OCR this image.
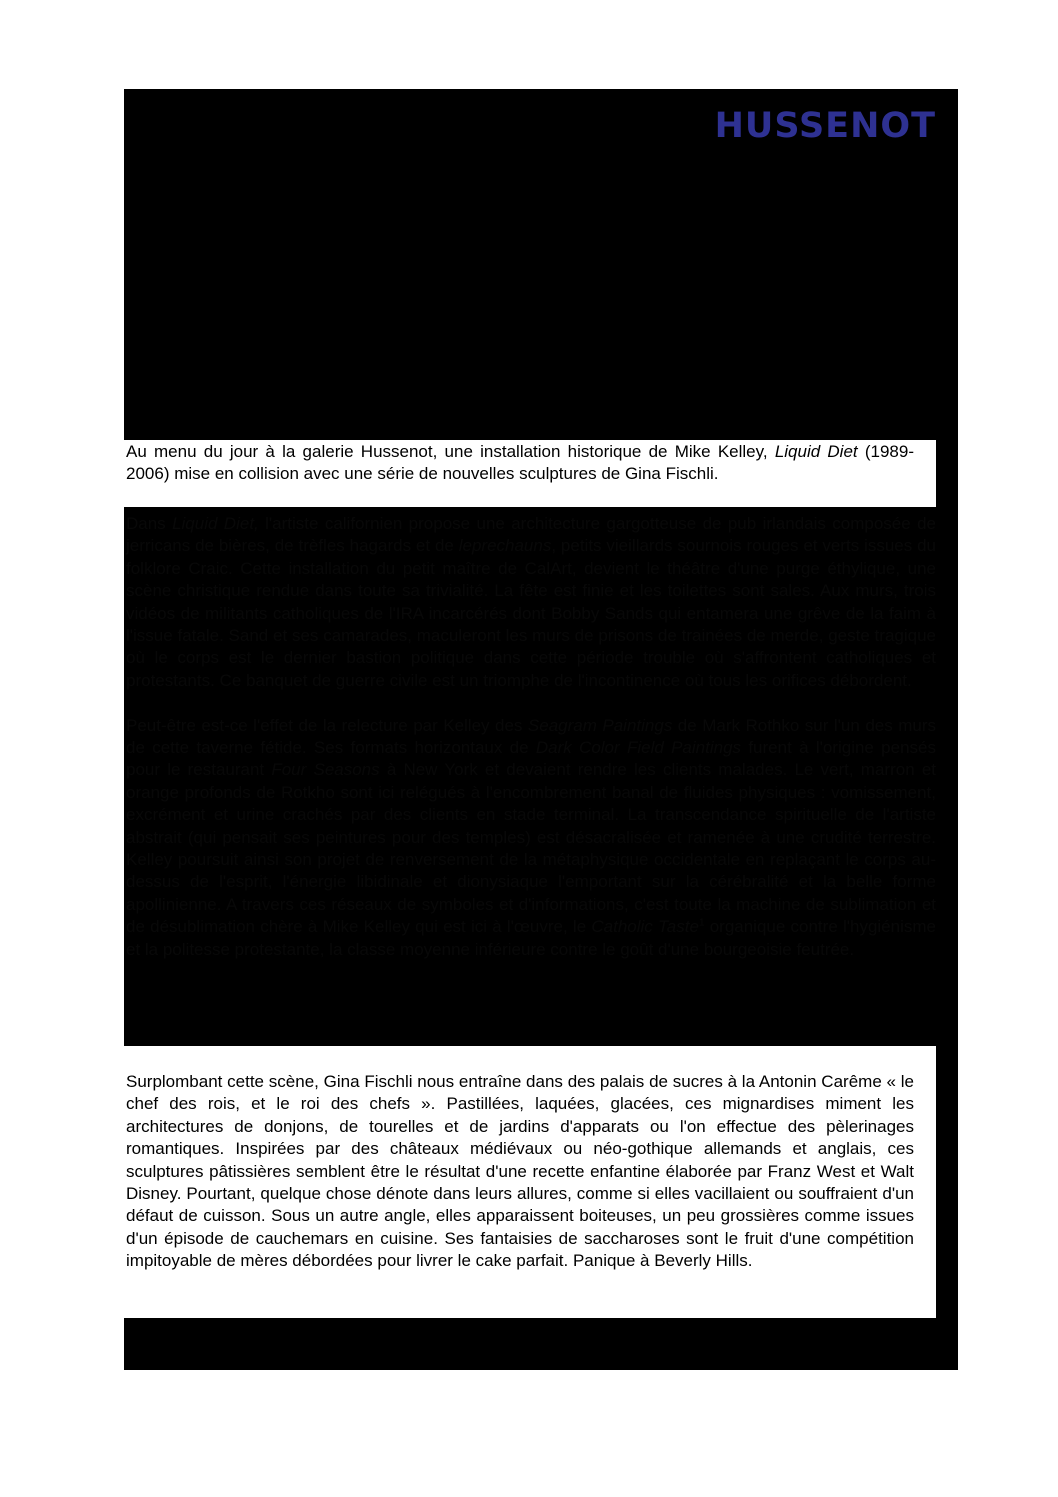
HUSSENOT

Au menu du jour à la galerie Hussenot, une installation historique de Mike Kelley, Liquid Diet (1989-2006) mise en collision avec une série de nouvelles sculptures de Gina Fischli.

Dans Liquid Diet, l'artiste californien propose une architecture gargotteuse de pub irlandais composée de jerricans de bières, de trèfles hagards et de leprechauns, petits vieillards sournois rouges et verts issues du folklore Craic. Cette installation du petit maître de CalArt, devient le théâtre d'une purge éthylique, une scène christique rendue dans toute sa trivialité. La fête est finie et les toilettes sont sales. Aux murs, trois vidéos de militants catholiques de l'IRA incarcérés dont Bobby Sands qui entamera une grêve de la faim à l'issue fatale. Sand et ses camarades, maculeront les murs de prisons de trainées de merde, geste tragique où le corps est le dernier bastion politique dans cette période trouble où s'affrontent catholiques et protestants. Ce banquet de guerre civile est un triomphe de l'incontinence où tous les orifices débordent.

Peut-être est-ce l'effet de la relecture par Kelley des Seagram Paintings de Mark Rothko sur l'un des murs de cette taverne fétide. Ses formats horizontaux de Dark Color Field Paintings furent à l'origine pensés pour le restaurant Four Seasons à New York et devaient rendre les clients malades. Le vert, marron et orange profonds de Rotkho sont ici relégués à l'encombrement banal de fluides physiques : vomissement, excrément et urine crachés par des clients en stade terminal. La transcendance spirituelle de l'artiste abstrait (qui pensait ses peintures pour des temples) est désacralisée et ramenée à une crudité terrestre. Kelley poursuit ainsi son projet de renversement de la métaphysique occidentale en replaçant le corps au-dessus de l'esprit, l'énergie libidinale et dionysiaque l'emportant sur la cérébralité et la belle forme apollinienne. A travers ces réseaux de symboles et d'informations, c'est toute la machine de sublimation et de désublimation chère à Mike Kelley qui est ici à l'œuvre, le Catholic Taste$^1$ organique contre l'hygiénisme et la politesse protestante, la classe moyenne inférieure contre le goût d'une bourgeoisie feutrée.

Surplombant cette scène, Gina Fischli nous entraîne dans des palais de sucres à la Antonin Carême « le chef des rois, et le roi des chefs ». Pastillées, laquées, glacées, ces mignardises miment les architectures de donjons, de tourelles et de jardins d'apparats ou l'on effectue des pèlerinages romantiques. Inspirées par des châteaux médiévaux ou néo-gothique allemands et anglais, ces sculptures pâtissières semblent être le résultat d'une recette enfantine élaborée par Franz West et Walt Disney. Pourtant, quelque chose dénote dans leurs allures, comme si elles vacillaient ou souffraient d'un défaut de cuisson. Sous un autre angle, elles apparaissent boiteuses, un peu grossières comme issues d'un épisode de cauchemars en cuisine. Ses fantaisies de saccharoses sont le fruit d'une compétition impitoyable de mères débordées pour livrer le cake parfait. Panique à Beverly Hills.
